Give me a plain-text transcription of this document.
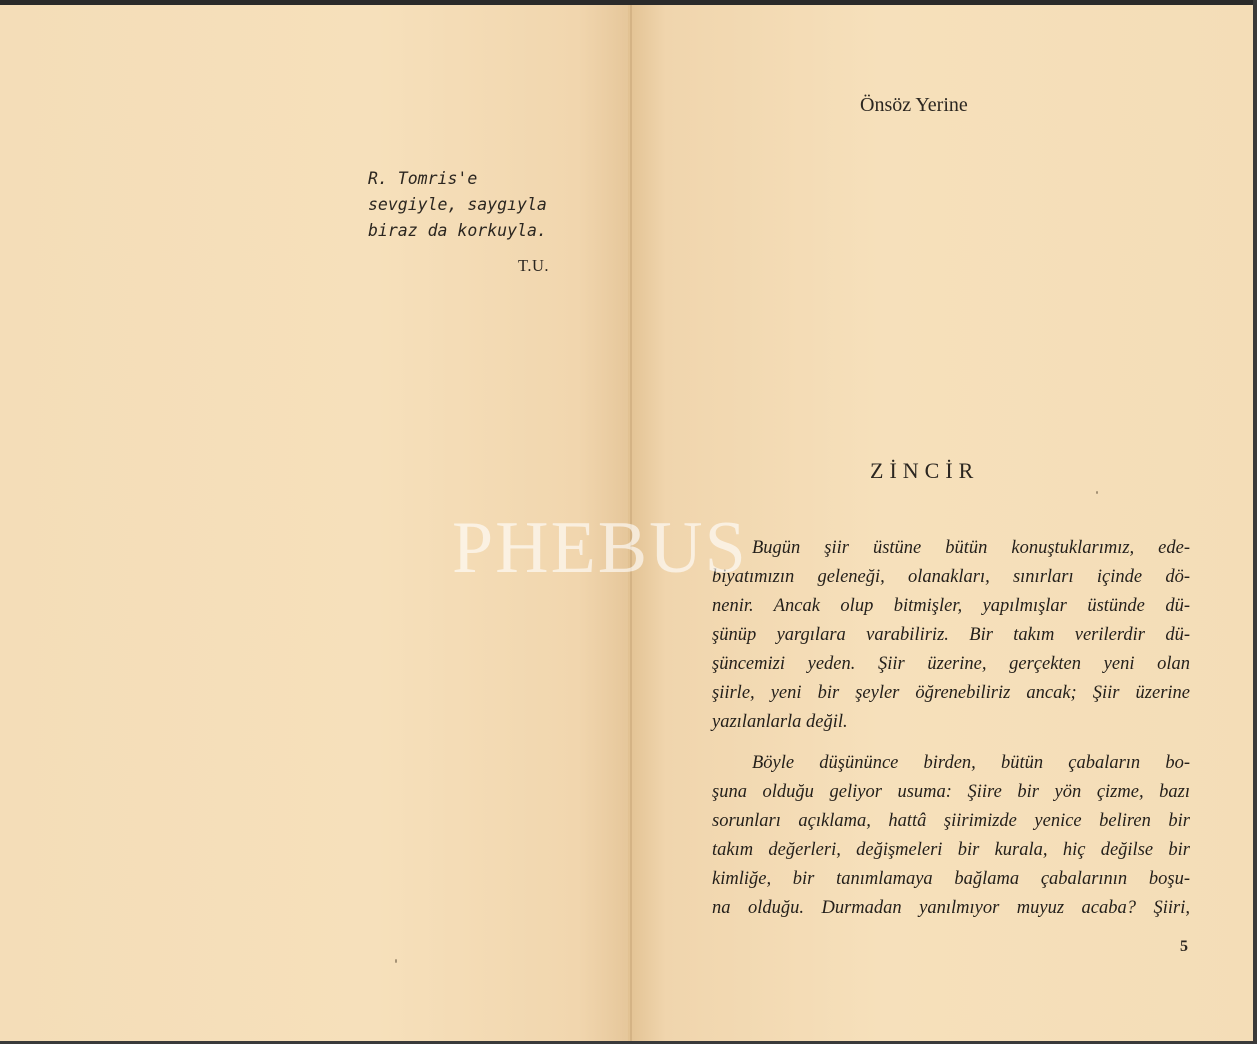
R. Tomris'e
sevgiyle, saygıyla
biraz da korkuyla.
T.U.
Önsöz Yerine
ZİNCİR
Bugün şiir üstüne bütün konuştuklarımız, ede-
biyatımızın geleneği, olanakları, sınırları içinde dö-
nenir. Ancak olup bitmişler, yapılmışlar üstünde dü-
şünüp yargılara varabiliriz. Bir takım verilerdir dü-
şüncemizi yeden. Şiir üzerine, gerçekten yeni olan
şiirle, yeni bir şeyler öğrenebiliriz ancak; Şiir üzerine
yazılanlarla değil.
Böyle düşününce birden, bütün çabaların bo-
şuna olduğu geliyor usuma: Şiire bir yön çizme, bazı
sorunları açıklama, hattâ şiirimizde yenice beliren bir
takım değerleri, değişmeleri bir kurala, hiç değilse bir
kimliğe, bir tanımlamaya bağlama çabalarının boşu-
na olduğu. Durmadan yanılmıyor muyuz acaba? Şiiri,
5
PHEBUS
